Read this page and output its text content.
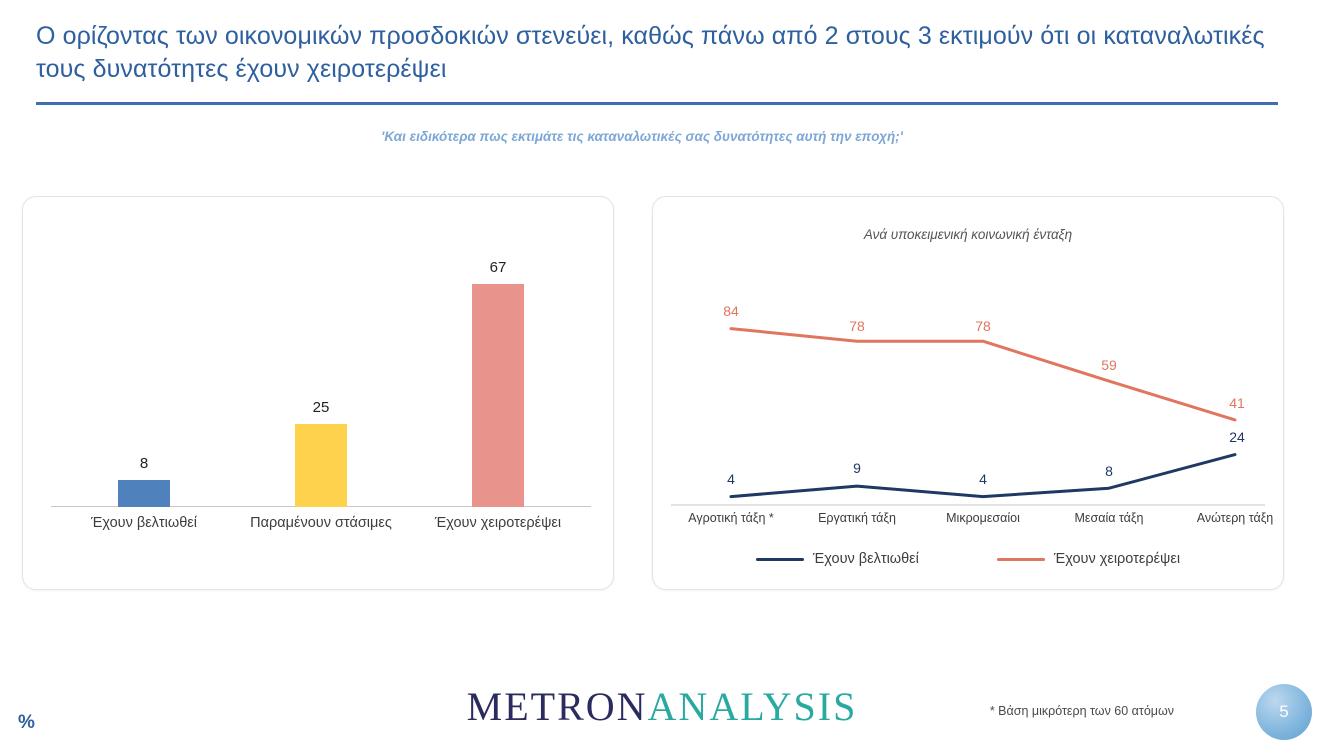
Ο ορίζοντας των οικονομικών προσδοκιών στενεύει, καθώς πάνω από 2 στους 3 εκτιμούν ότι οι καταναλωτικές τους δυνατότητες έχουν χειροτερέψει
'Και ειδικότερα πως εκτιμάτε τις καταναλωτικές σας δυνατότητες αυτή την εποχή;'
8
25
67
Έχουν βελτιωθεί	Παραμένουν στάσιμες	Έχουν χειροτερέψει
Ανά υποκειμενική κοινωνική ένταξη
84
78	78
59
41
4
9
4	8
24
Αγροτική τάξη *	Εργατική τάξη	Μικρομεσαίοι	Μεσαία τάξη	Ανώτερη τάξη
Έχουν βελτιωθεί	Έχουν χειροτερέψει
%	METRONANALYSIS	* Βάση μικρότερη των 60 ατόμων	5
